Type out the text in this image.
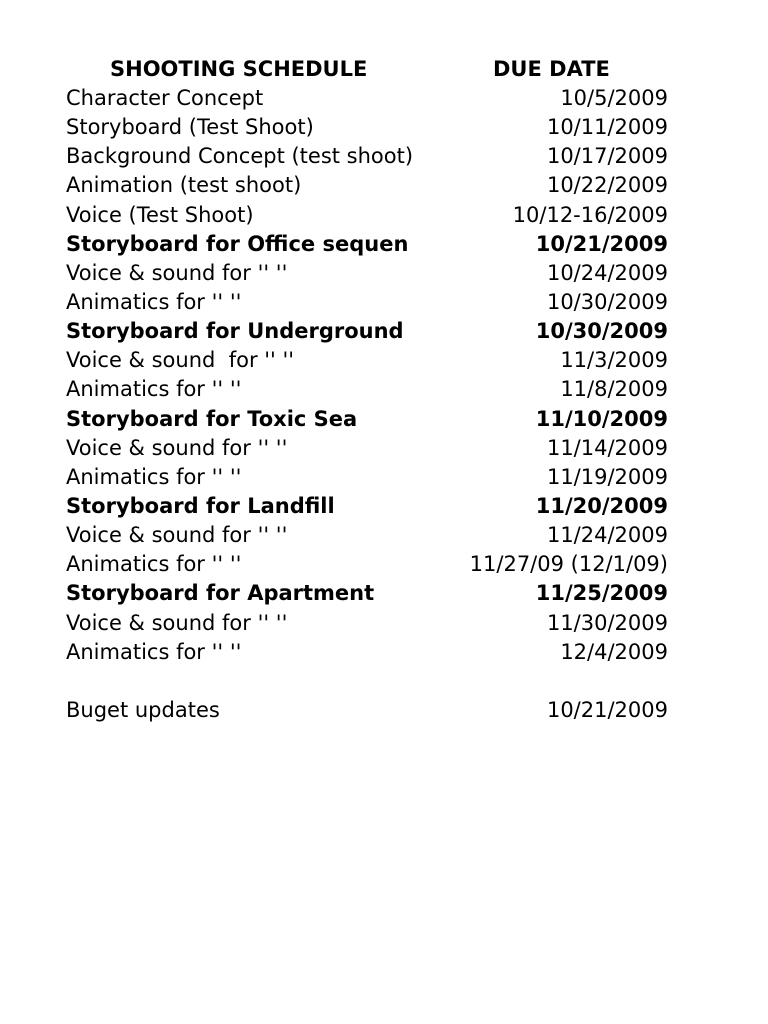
SHOOTING SCHEDULE	DUE DATE
Character Concept	10/5/2009
Storyboard (Test Shoot)	10/11/2009
Background Concept (test shoot)	10/17/2009
Animation (test shoot)	10/22/2009
Voice (Test Shoot)	10/12-16/2009
Storyboard for Office sequen	10/21/2009
Voice & sound for '' ''	10/24/2009
Animatics for '' ''	10/30/2009
Storyboard for Underground	10/30/2009
Voice & sound  for '' ''	11/3/2009
Animatics for '' ''	11/8/2009
Storyboard for Toxic Sea	11/10/2009
Voice & sound for '' ''	11/14/2009
Animatics for '' ''	11/19/2009
Storyboard for Landfill	11/20/2009
Voice & sound for '' ''	11/24/2009
Animatics for '' ''	11/27/09 (12/1/09)
Storyboard for Apartment	11/25/2009
Voice & sound for '' ''	11/30/2009
Animatics for '' ''	12/4/2009
Buget updates	10/21/2009
